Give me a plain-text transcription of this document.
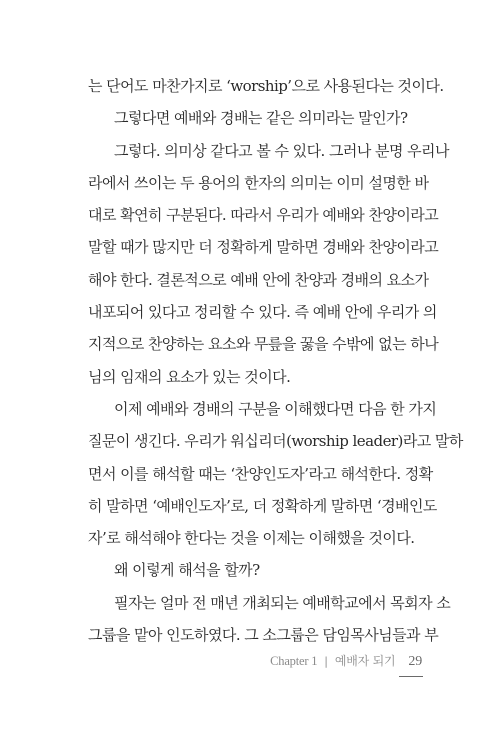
는 단어도 마찬가지로 ‘worship’으로 사용된다는 것이다.
그렇다면 예배와 경배는 같은 의미라는 말인가?
그렇다. 의미상 같다고 볼 수 있다. 그러나 분명 우리나
라에서 쓰이는 두 용어의 한자의 의미는 이미 설명한 바
대로 확연히 구분된다. 따라서 우리가 예배와 찬양이라고
말할 때가 많지만 더 정확하게 말하면 경배와 찬양이라고
해야 한다. 결론적으로 예배 안에 찬양과 경배의 요소가
내포되어 있다고 정리할 수 있다. 즉 예배 안에 우리가 의
지적으로 찬양하는 요소와 무릎을 꿇을 수밖에 없는 하나
님의 임재의 요소가 있는 것이다.
이제 예배와 경배의 구분을 이해했다면 다음 한 가지
질문이 생긴다. 우리가 워십리더(worship leader)라고 말하
면서 이를 해석할 때는 ‘찬양인도자’라고 해석한다. 정확
히 말하면 ‘예배인도자’로, 더 정확하게 말하면 ‘경배인도
자’로 해석해야 한다는 것을 이제는 이해했을 것이다.
왜 이렇게 해석을 할까?
필자는 얼마 전 매년 개최되는 예배학교에서 목회자 소
그룹을 맡아 인도하였다. 그 소그룹은 담임목사님들과 부
Chapter 1 | 예배자 되기 29
